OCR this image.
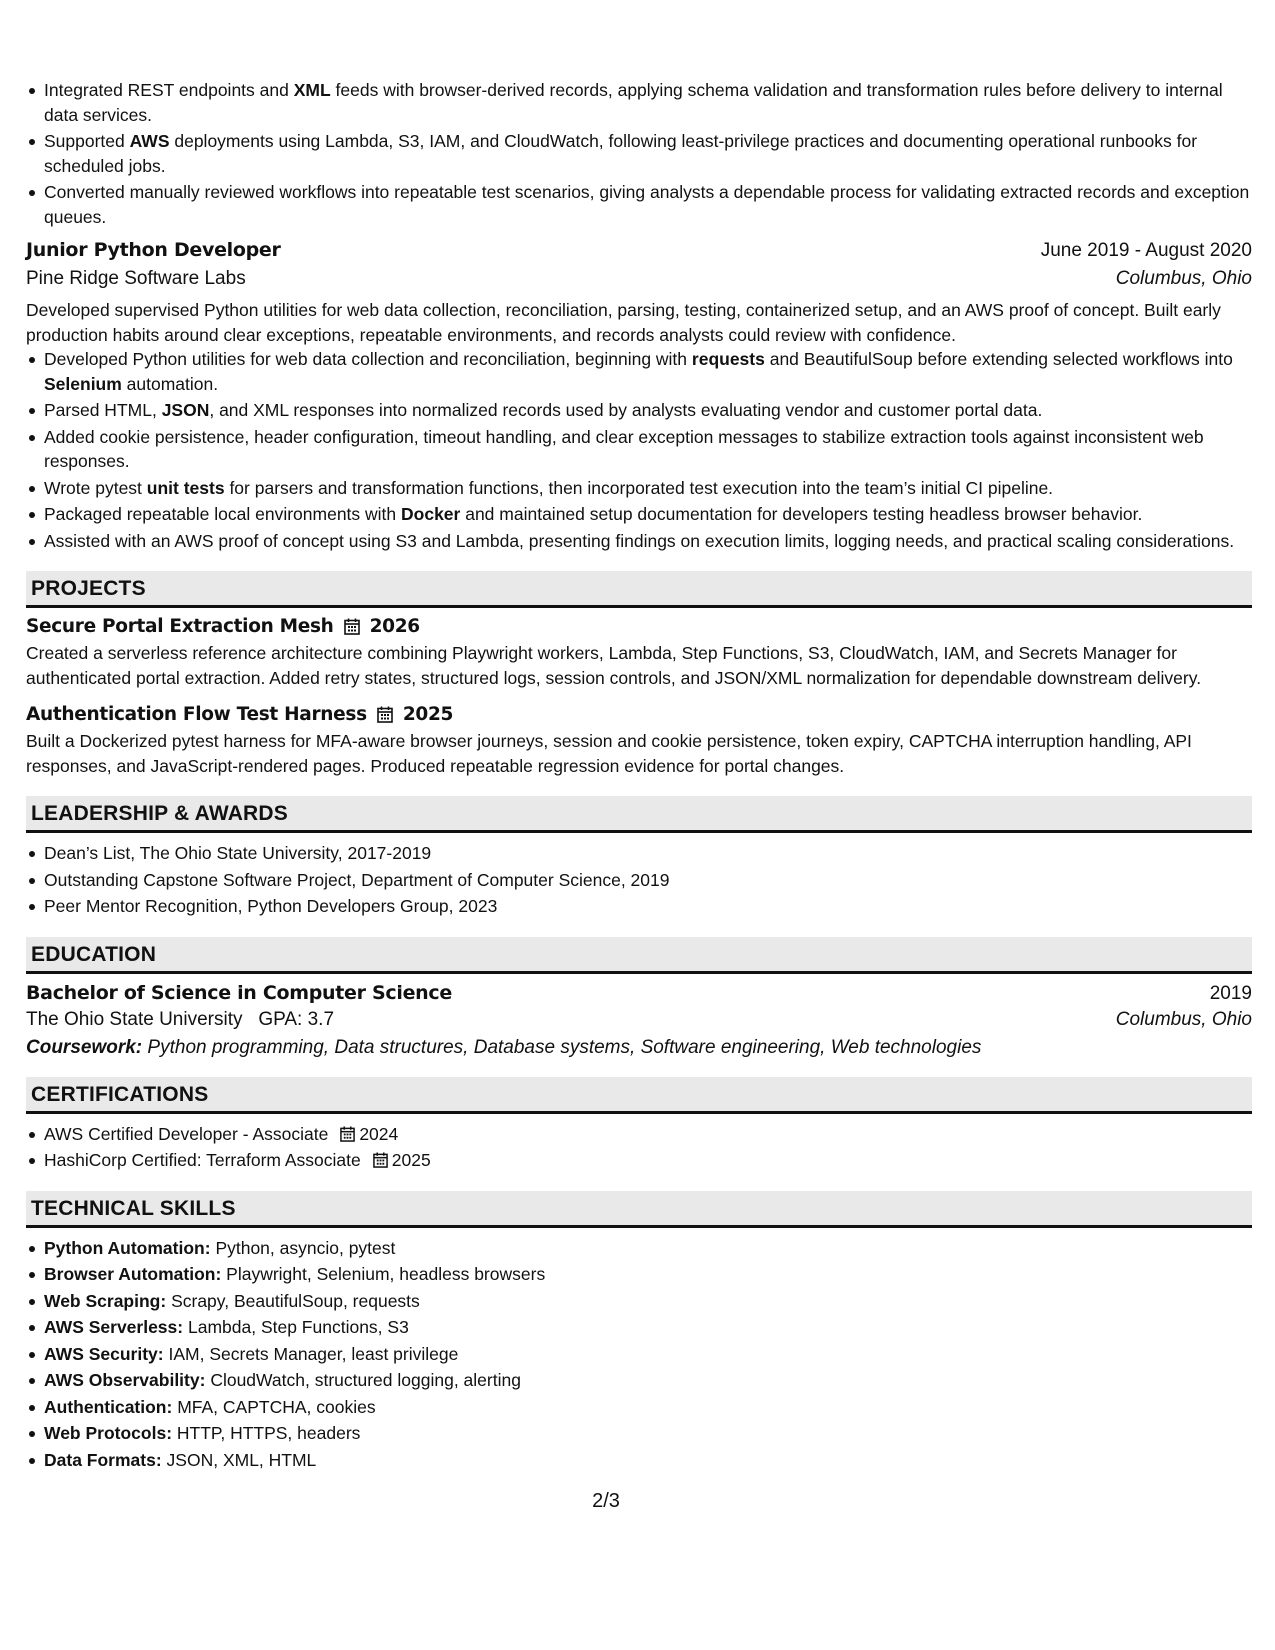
Integrated REST endpoints and XML feeds with browser-derived records, applying schema validation and transformation rules before delivery to internal data services.
Supported AWS deployments using Lambda, S3, IAM, and CloudWatch, following least-privilege practices and documenting operational runbooks for scheduled jobs.
Converted manually reviewed workflows into repeatable test scenarios, giving analysts a dependable process for validating extracted records and exception queues.
Junior Python Developer	June 2019 - August 2020
Pine Ridge Software Labs	Columbus, Ohio

Developed supervised Python utilities for web data collection, reconciliation, parsing, testing, containerized setup, and an AWS proof of concept. Built early production habits around clear exceptions, repeatable environments, and records analysts could review with confidence.

Developed Python utilities for web data collection and reconciliation, beginning with requests and BeautifulSoup before extending selected workflows into Selenium automation.
Parsed HTML, JSON, and XML responses into normalized records used by analysts evaluating vendor and customer portal data.
Added cookie persistence, header configuration, timeout handling, and clear exception messages to stabilize extraction tools against inconsistent web responses.
Wrote pytest unit tests for parsers and transformation functions, then incorporated test execution into the team’s initial CI pipeline.
Packaged repeatable local environments with Docker and maintained setup documentation for developers testing headless browser behavior.
Assisted with an AWS proof of concept using S3 and Lambda, presenting findings on execution limits, logging needs, and practical scaling considerations.
PROJECTS
Secure Portal Extraction Mesh 2026

Created a serverless reference architecture combining Playwright workers, Lambda, Step Functions, S3, CloudWatch, IAM, and Secrets Manager for authenticated portal extraction. Added retry states, structured logs, session controls, and JSON/XML normalization for dependable downstream delivery.

Authentication Flow Test Harness 2025

Built a Dockerized pytest harness for MFA-aware browser journeys, session and cookie persistence, token expiry, CAPTCHA interruption handling, API responses, and JavaScript-rendered pages. Produced repeatable regression evidence for portal changes.

LEADERSHIP & AWARDS
Dean’s List, The Ohio State University, 2017-2019
Outstanding Capstone Software Project, Department of Computer Science, 2019
Peer Mentor Recognition, Python Developers Group, 2023
EDUCATION
Bachelor of Science in Computer Science	2019
The Ohio State University GPA: 3.7	Columbus, Ohio
Coursework: Python programming, Data structures, Database systems, Software engineering, Web technologies
CERTIFICATIONS
AWS Certified Developer - Associate 2024
HashiCorp Certified: Terraform Associate 2025
TECHNICAL SKILLS
Python Automation: Python, asyncio, pytest
Browser Automation: Playwright, Selenium, headless browsers
Web Scraping: Scrapy, BeautifulSoup, requests
AWS Serverless: Lambda, Step Functions, S3
AWS Security: IAM, Secrets Manager, least privilege
AWS Observability: CloudWatch, structured logging, alerting
Authentication: MFA, CAPTCHA, cookies
Web Protocols: HTTP, HTTPS, headers
Data Formats: JSON, XML, HTML
2/3
